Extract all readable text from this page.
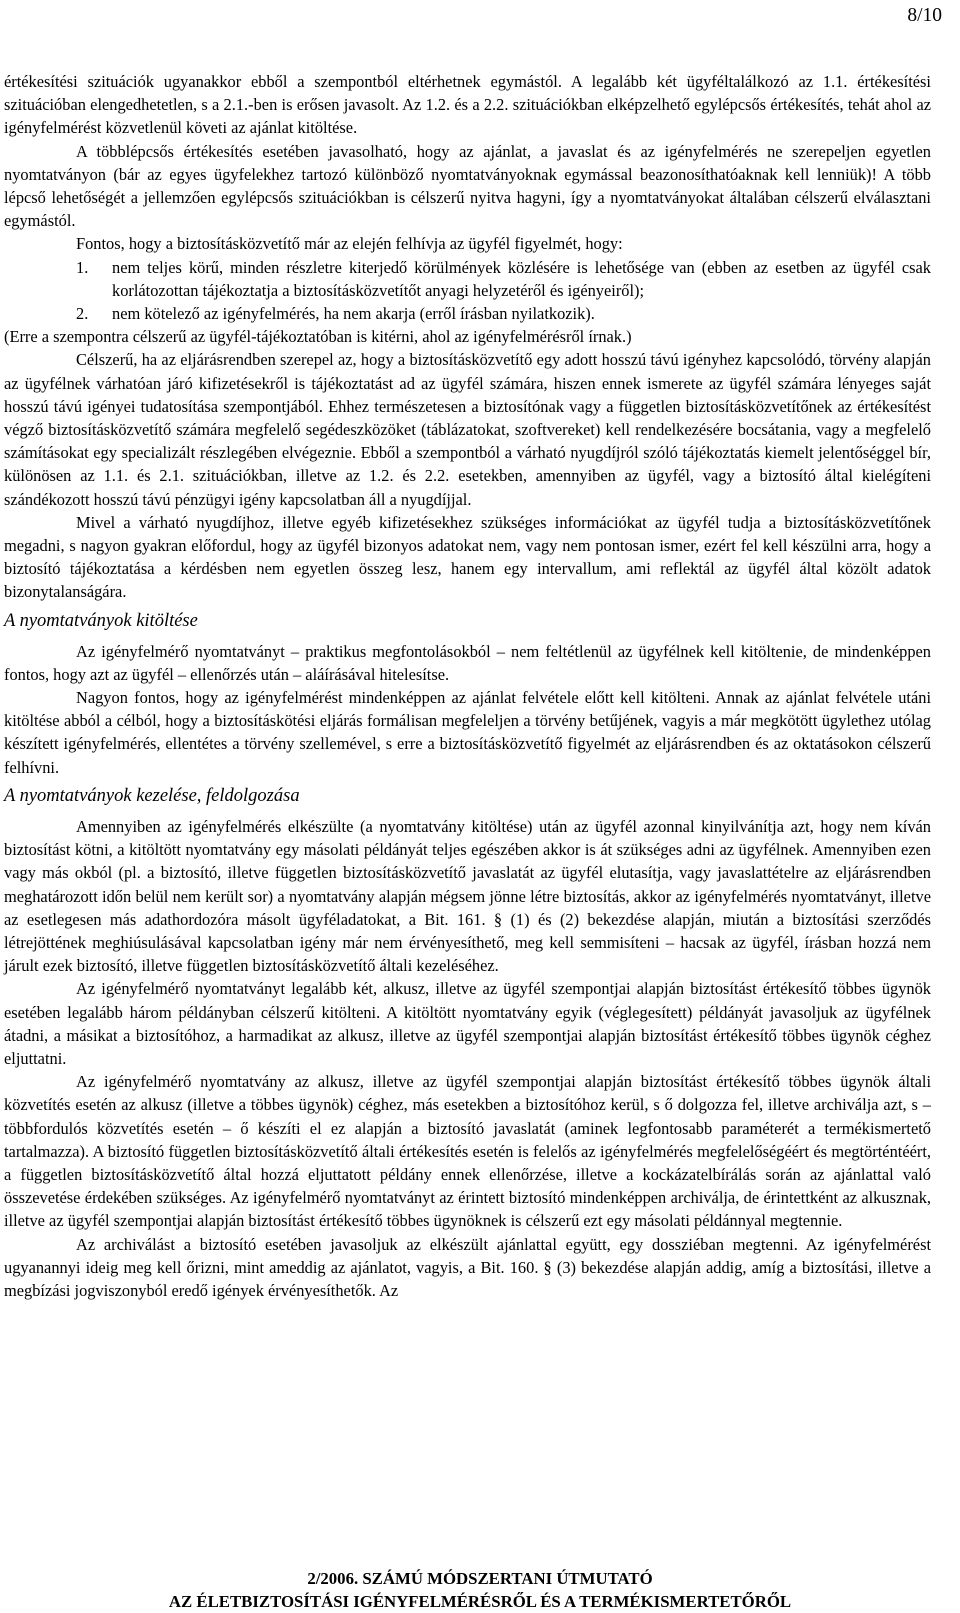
8/10

értékesítési szituációk ugyanakkor ebből a szempontból eltérhetnek egymástól. A legalább két ügyféltalálkozó az 1.1. értékesítési szituációban elengedhetetlen, s a 2.1.-ben is erősen javasolt. Az 1.2. és a 2.2. szituációkban elképzelhető egylépcsős értékesítés, tehát ahol az igényfelmérést közvetlenül követi az ajánlat kitöltése.

A többlépcsős értékesítés esetében javasolható, hogy az ajánlat, a javaslat és az igényfelmérés ne szerepeljen egyetlen nyomtatványon (bár az egyes ügyfelekhez tartozó különböző nyomtatványoknak egymással beazonosíthatóaknak kell lenniük)! A több lépcső lehetőségét a jellemzően egylépcsős szituációkban is célszerű nyitva hagyni, így a nyomtatványokat általában célszerű elválasztani egymástól.

Fontos, hogy a biztosításközvetítő már az elején felhívja az ügyfél figyelmét, hogy:

1.	nem teljes körű, minden részletre kiterjedő körülmények közlésére is lehetősége van (ebben az esetben az ügyfél csak korlátozottan tájékoztatja a biztosításközvetítőt anyagi helyzetéről és igényeiről);
2.	nem kötelező az igényfelmérés, ha nem akarja (erről írásban nyilatkozik).

(Erre a szempontra célszerű az ügyfél-tájékoztatóban is kitérni, ahol az igényfelmérésről írnak.)

Célszerű, ha az eljárásrendben szerepel az, hogy a biztosításközvetítő egy adott hosszú távú igényhez kapcsolódó, törvény alapján az ügyfélnek várhatóan járó kifizetésekről is tájékoztatást ad az ügyfél számára, hiszen ennek ismerete az ügyfél számára lényeges saját hosszú távú igényei tudatosítása szempontjából. Ehhez természetesen a biztosítónak vagy a független biztosításközvetítőnek az értékesítést végző biztosításközvetítő számára megfelelő segédeszközöket (táblázatokat, szoftvereket) kell rendelkezésére bocsátania, vagy a megfelelő számításokat egy specializált részlegében elvégeznie. Ebből a szempontból a várható nyugdíjról szóló tájékoztatás kiemelt jelentőséggel bír, különösen az 1.1. és 2.1. szituációkban, illetve az 1.2. és 2.2. esetekben, amennyiben az ügyfél, vagy a biztosító által kielégíteni szándékozott hosszú távú pénzügyi igény kapcsolatban áll a nyugdíjjal.

Mivel a várható nyugdíjhoz, illetve egyéb kifizetésekhez szükséges információkat az ügyfél tudja a biztosításközvetítőnek megadni, s nagyon gyakran előfordul, hogy az ügyfél bizonyos adatokat nem, vagy nem pontosan ismer, ezért fel kell készülni arra, hogy a biztosító tájékoztatása a kérdésben nem egyetlen összeg lesz, hanem egy intervallum, ami reflektál az ügyfél által közölt adatok bizonytalanságára.

A nyomtatványok kitöltése

Az igényfelmérő nyomtatványt – praktikus megfontolásokból – nem feltétlenül az ügyfélnek kell kitöltenie, de mindenképpen fontos, hogy azt az ügyfél – ellenőrzés után – aláírásával hitelesítse.

Nagyon fontos, hogy az igényfelmérést mindenképpen az ajánlat felvétele előtt kell kitölteni. Annak az ajánlat felvétele utáni kitöltése abból a célból, hogy a biztosításkötési eljárás formálisan megfeleljen a törvény betűjének, vagyis a már megkötött ügylethez utólag készített igényfelmérés, ellentétes a törvény szellemével, s erre a biztosításközvetítő figyelmét az eljárásrendben és az oktatásokon célszerű felhívni.

A nyomtatványok kezelése, feldolgozása

Amennyiben az igényfelmérés elkészülte (a nyomtatvány kitöltése) után az ügyfél azonnal kinyilvánítja azt, hogy nem kíván biztosítást kötni, a kitöltött nyomtatvány egy másolati példányát teljes egészében akkor is át szükséges adni az ügyfélnek. Amennyiben ezen vagy más okból (pl. a biztosító, illetve független biztosításközvetítő javaslatát az ügyfél elutasítja, vagy javaslattételre az eljárásrendben meghatározott időn belül nem került sor) a nyomtatvány alapján mégsem jönne létre biztosítás, akkor az igényfelmérés nyomtatványt, illetve az esetlegesen más adathordozóra másolt ügyféladatokat, a Bit. 161. § (1) és (2) bekezdése alapján, miután a biztosítási szerződés létrejöttének meghiúsulásával kapcsolatban igény már nem érvényesíthető, meg kell semmisíteni – hacsak az ügyfél, írásban hozzá nem járult ezek biztosító, illetve független biztosításközvetítő általi kezeléséhez.

Az igényfelmérő nyomtatványt legalább két, alkusz, illetve az ügyfél szempontjai alapján biztosítást értékesítő többes ügynök esetében legalább három példányban célszerű kitölteni. A kitöltött nyomtatvány egyik (véglegesített) példányát javasoljuk az ügyfélnek átadni, a másikat a biztosítóhoz, a harmadikat az alkusz, illetve az ügyfél szempontjai alapján biztosítást értékesítő többes ügynök céghez eljuttatni.

Az igényfelmérő nyomtatvány az alkusz, illetve az ügyfél szempontjai alapján biztosítást értékesítő többes ügynök általi közvetítés esetén az alkusz (illetve a többes ügynök) céghez, más esetekben a biztosítóhoz kerül, s ő dolgozza fel, illetve archiválja azt, s – többfordulós közvetítés esetén – ő készíti el ez alapján a biztosító javaslatát (aminek legfontosabb paraméterét a termékismertető tartalmazza). A biztosító független biztosításközvetítő általi értékesítés esetén is felelős az igényfelmérés megfelelőségéért és megtörténtéért, a független biztosításközvetítő által hozzá eljuttatott példány ennek ellenőrzése, illetve a kockázatelbírálás során az ajánlattal való összevetése érdekében szükséges. Az igényfelmérő nyomtatványt az érintett biztosító mindenképpen archiválja, de érintettként az alkusznak, illetve az ügyfél szempontjai alapján biztosítást értékesítő többes ügynöknek is célszerű ezt egy másolati példánnyal megtennie.

Az archiválást a biztosító esetében javasoljuk az elkészült ajánlattal együtt, egy dossziéban megtenni. Az igényfelmérést ugyanannyi ideig meg kell őrizni, mint ameddig az ajánlatot, vagyis, a Bit. 160. § (3) bekezdése alapján addig, amíg a biztosítási, illetve a megbízási jogviszonyból eredő igények érvényesíthetők. Az

2/2006. SZÁMÚ MÓDSZERTANI ÚTMUTATÓ
AZ ÉLETBIZTOSÍTÁSI IGÉNYFELMÉRÉSRŐL ÉS A TERMÉKISMERTETŐRŐL
